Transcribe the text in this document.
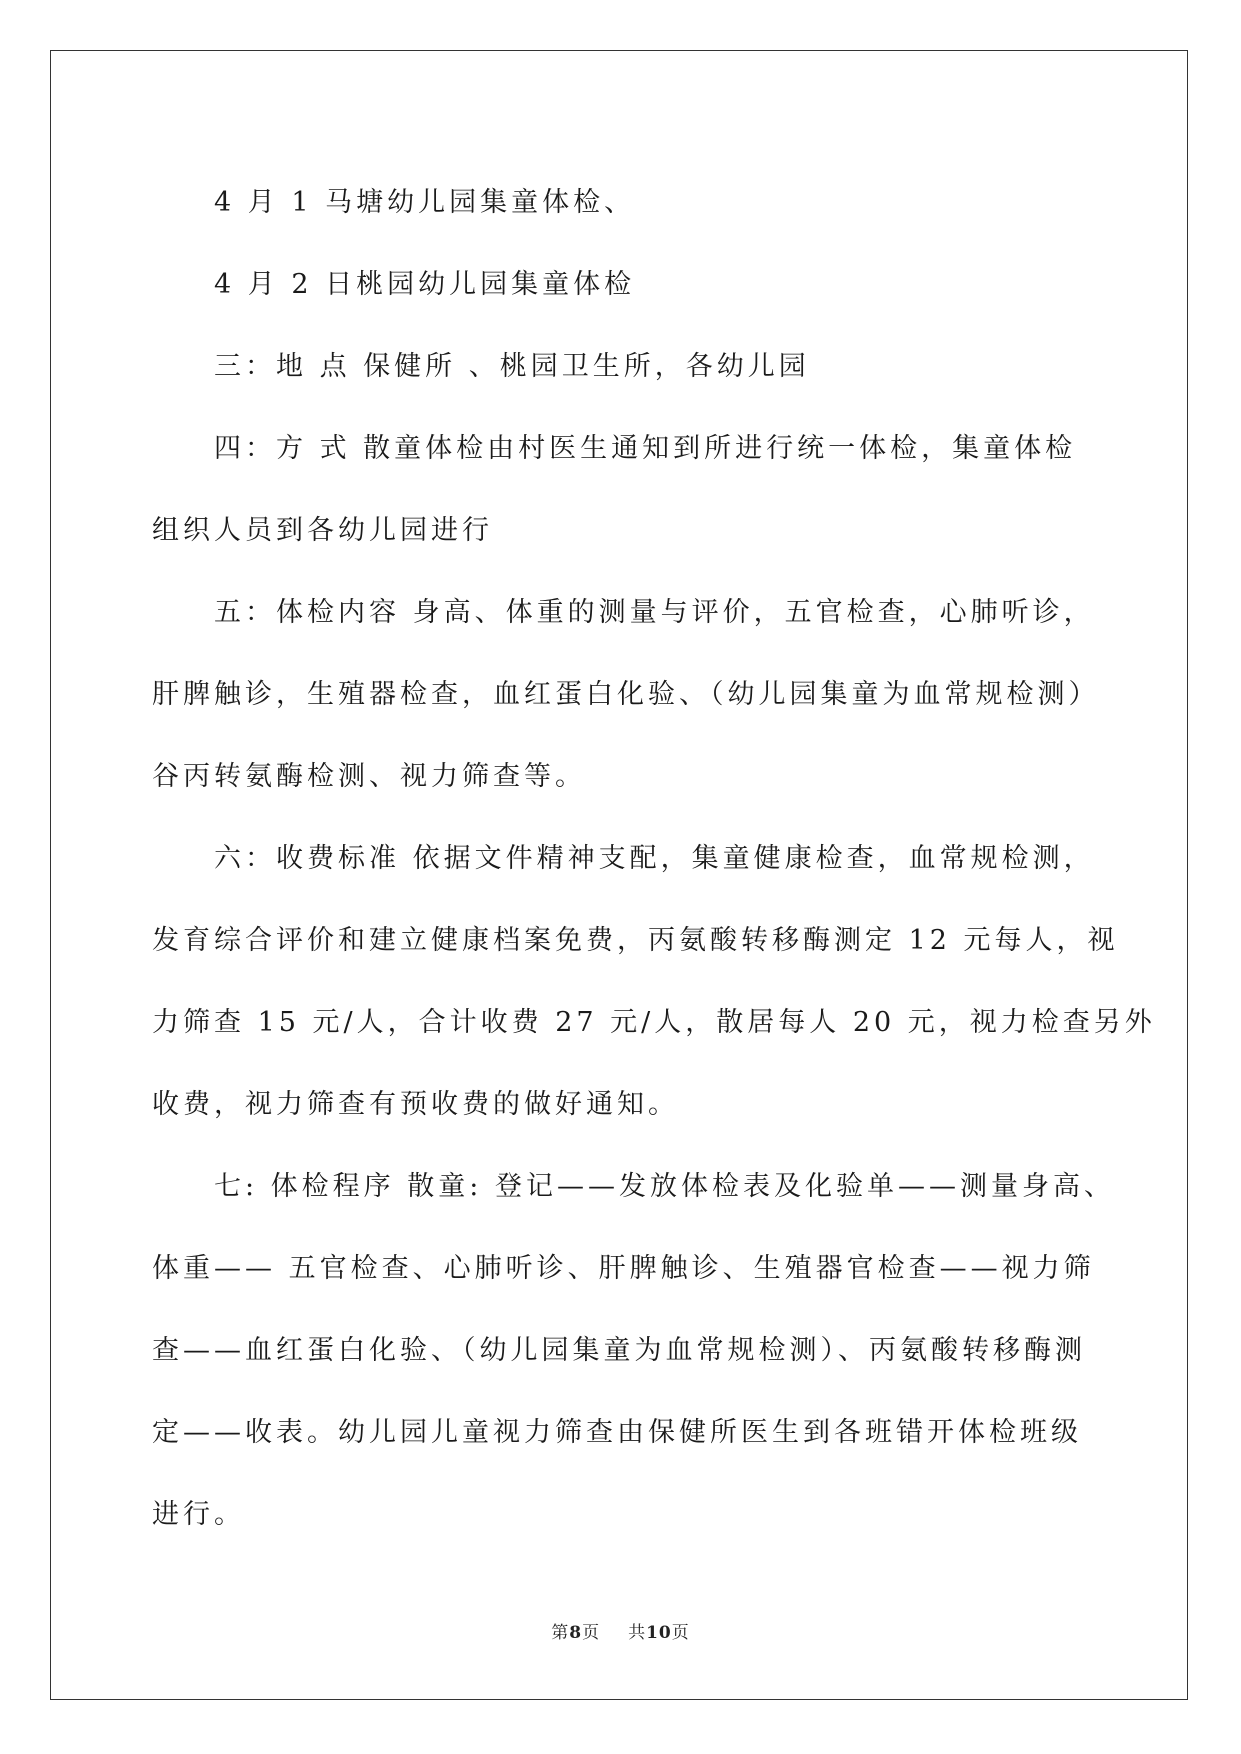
4 月 1 马塘幼儿园集童体检、

4 月 2 日桃园幼儿园集童体检

三：地 点 保健所 、桃园卫生所，各幼儿园

四：方 式 散童体检由村医生通知到所进行统一体检，集童体检

组织人员到各幼儿园进行

五：体检内容 身高、体重的测量与评价，五官检查，心肺听诊，

肝脾触诊，生殖器检查，血红蛋白化验、（幼儿园集童为血常规检测）

谷丙转氨酶检测、视力筛查等。

六：收费标准 依据文件精神支配，集童健康检查，血常规检测，

发育综合评价和建立健康档案免费，丙氨酸转移酶测定 12 元每人，视

力筛查 15 元/人，合计收费 27 元/人，散居每人 20 元，视力检查另外

收费，视力筛查有预收费的做好通知。

七: 体检程序 散童: 登记——发放体检表及化验单——测量身高、

体重—— 五官检查、心肺听诊、肝脾触诊、生殖器官检查——视力筛

查——血红蛋白化验、（幼儿园集童为血常规检测）、丙氨酸转移酶测

定——收表。幼儿园儿童视力筛查由保健所医生到各班错开体检班级

进行。

第8页 共10页
